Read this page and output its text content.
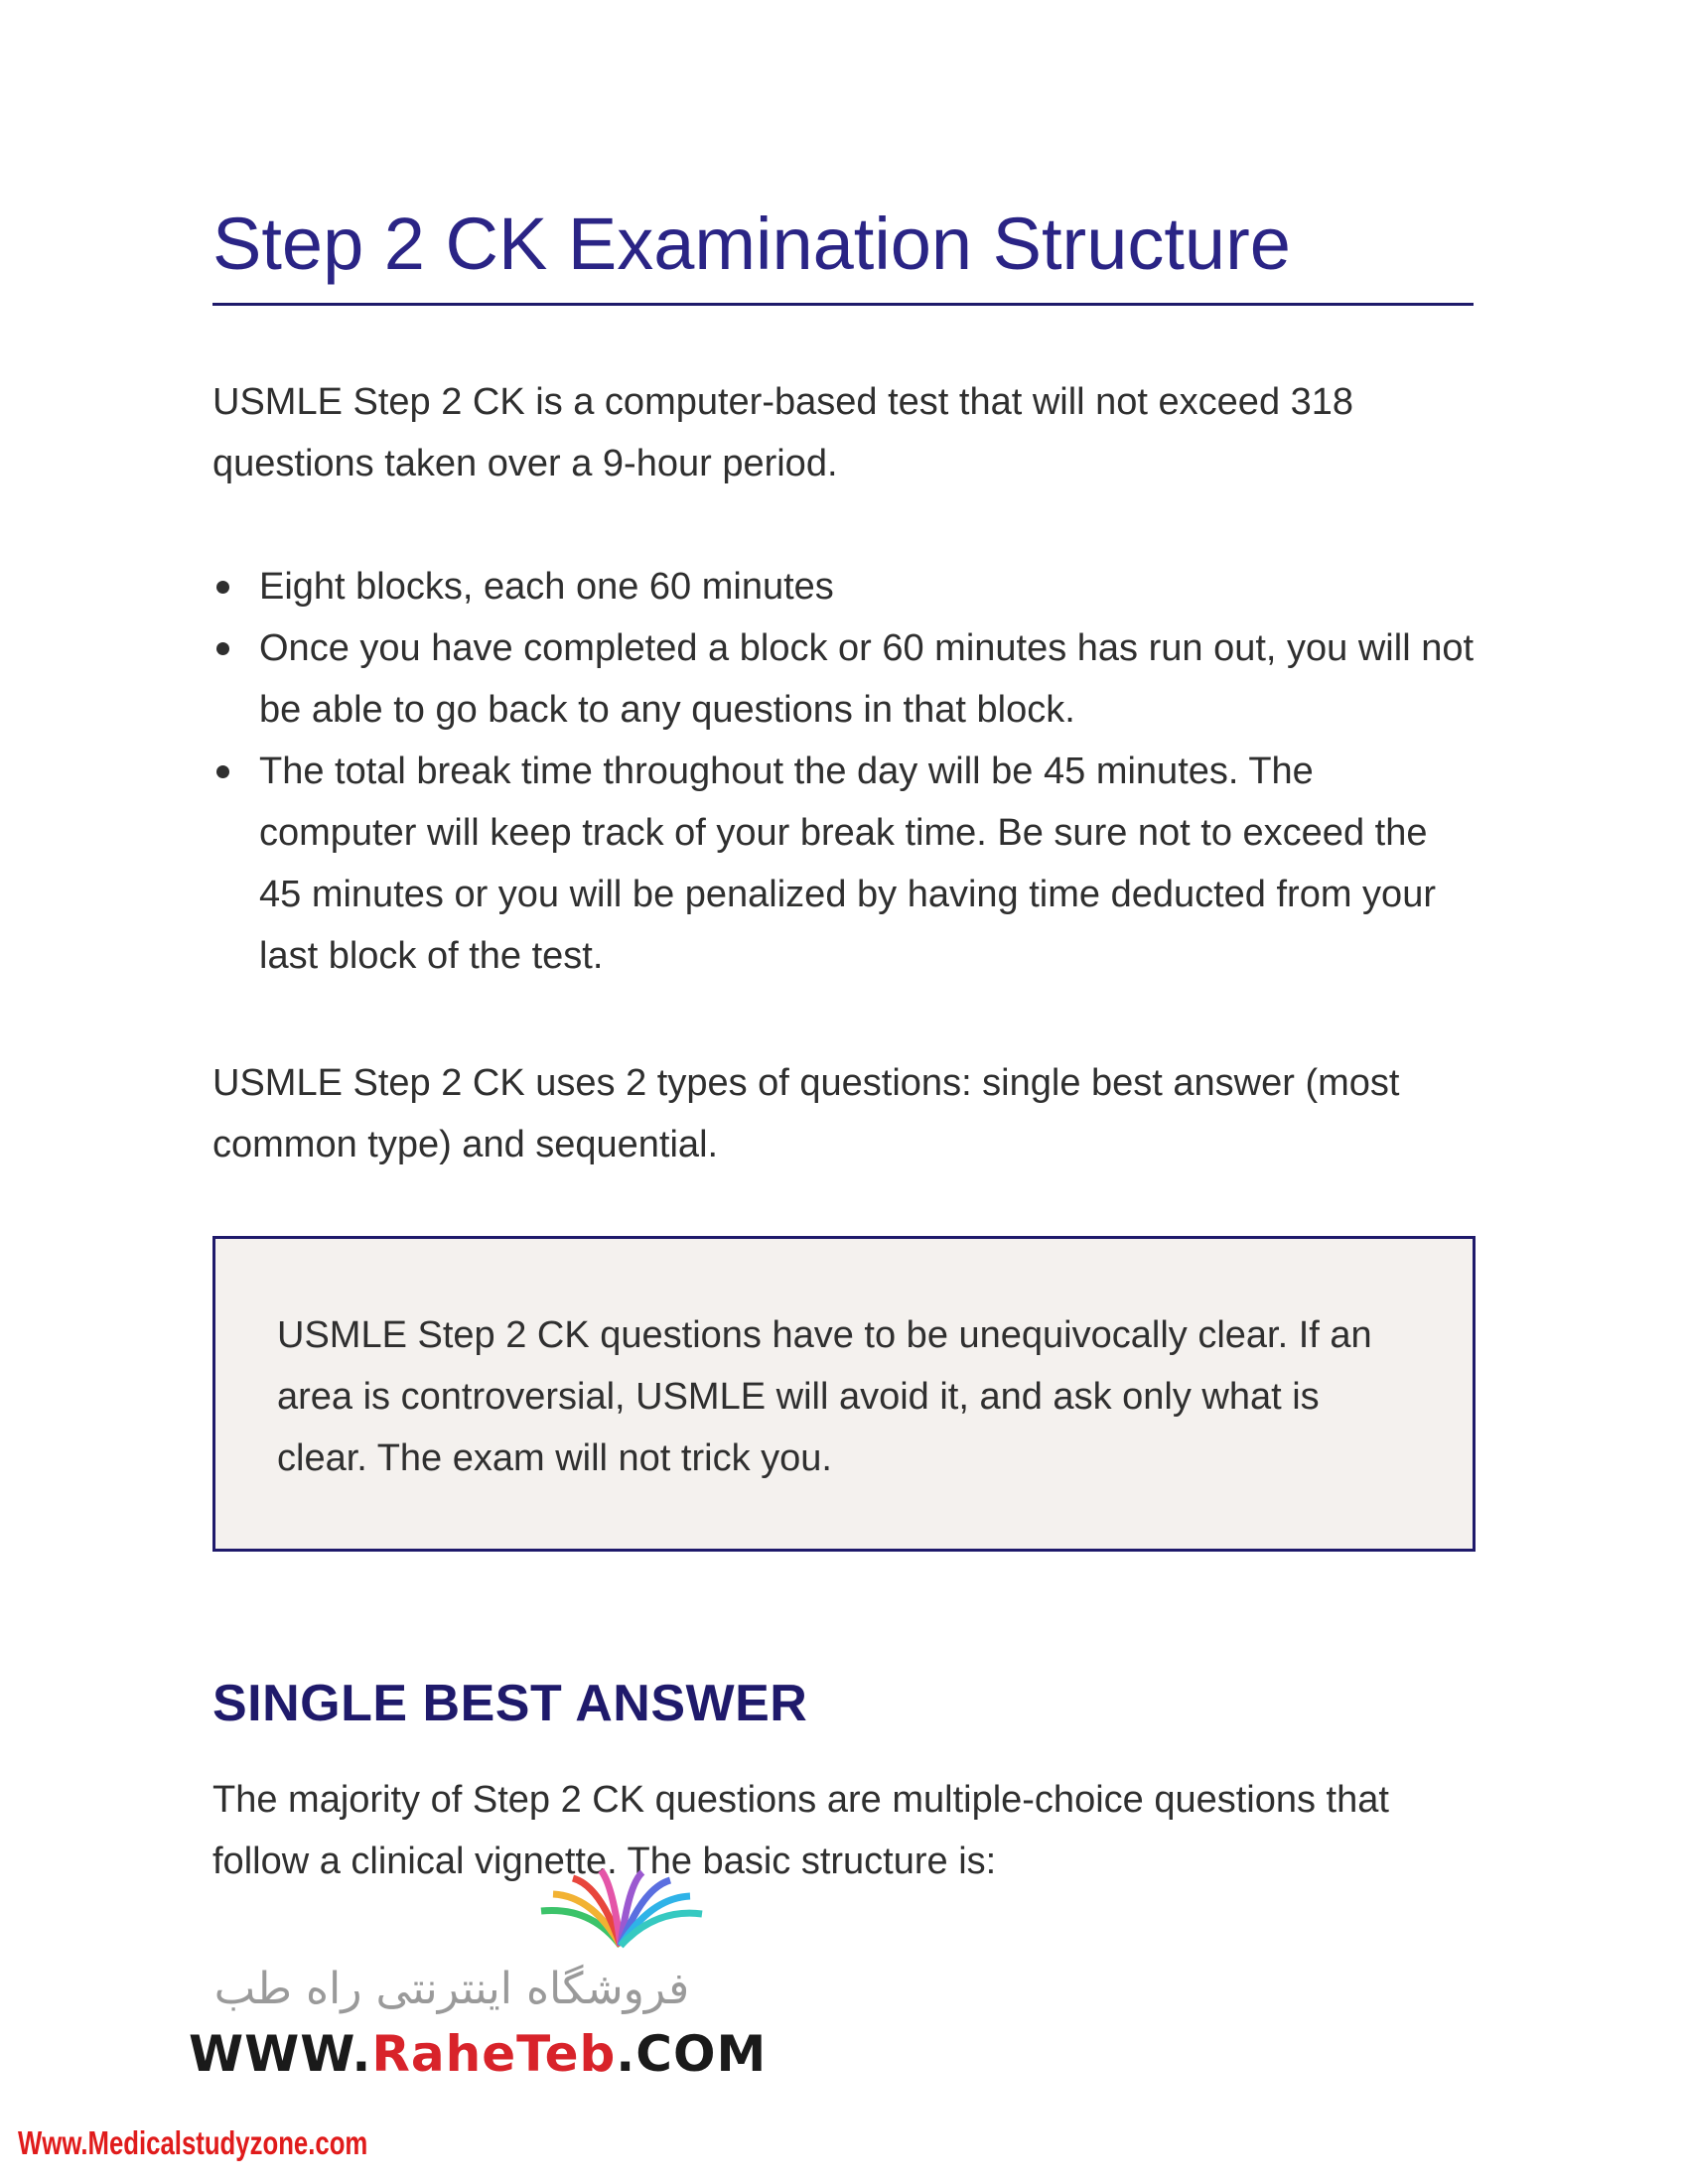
Step 2 CK Examination Structure
USMLE Step 2 CK is a computer-based test that will not exceed 318 questions taken over a 9-hour period.
Eight blocks, each one 60 minutes
Once you have completed a block or 60 minutes has run out, you will not be able to go back to any questions in that block.
The total break time throughout the day will be 45 minutes. The computer will keep track of your break time. Be sure not to exceed the 45 minutes or you will be penalized by having time deducted from your last block of the test.
USMLE Step 2 CK uses 2 types of questions: single best answer (most common type) and sequential.
USMLE Step 2 CK questions have to be unequivocally clear. If an area is controversial, USMLE will avoid it, and ask only what is clear. The exam will not trick you.
SINGLE BEST ANSWER
The majority of Step 2 CK questions are multiple-choice questions that follow a clinical vignette. The basic structure is:
فروشگاه اینترنتی راه طب
WWW.RaheTeb.COM
Www.Medicalstudyzone.com
